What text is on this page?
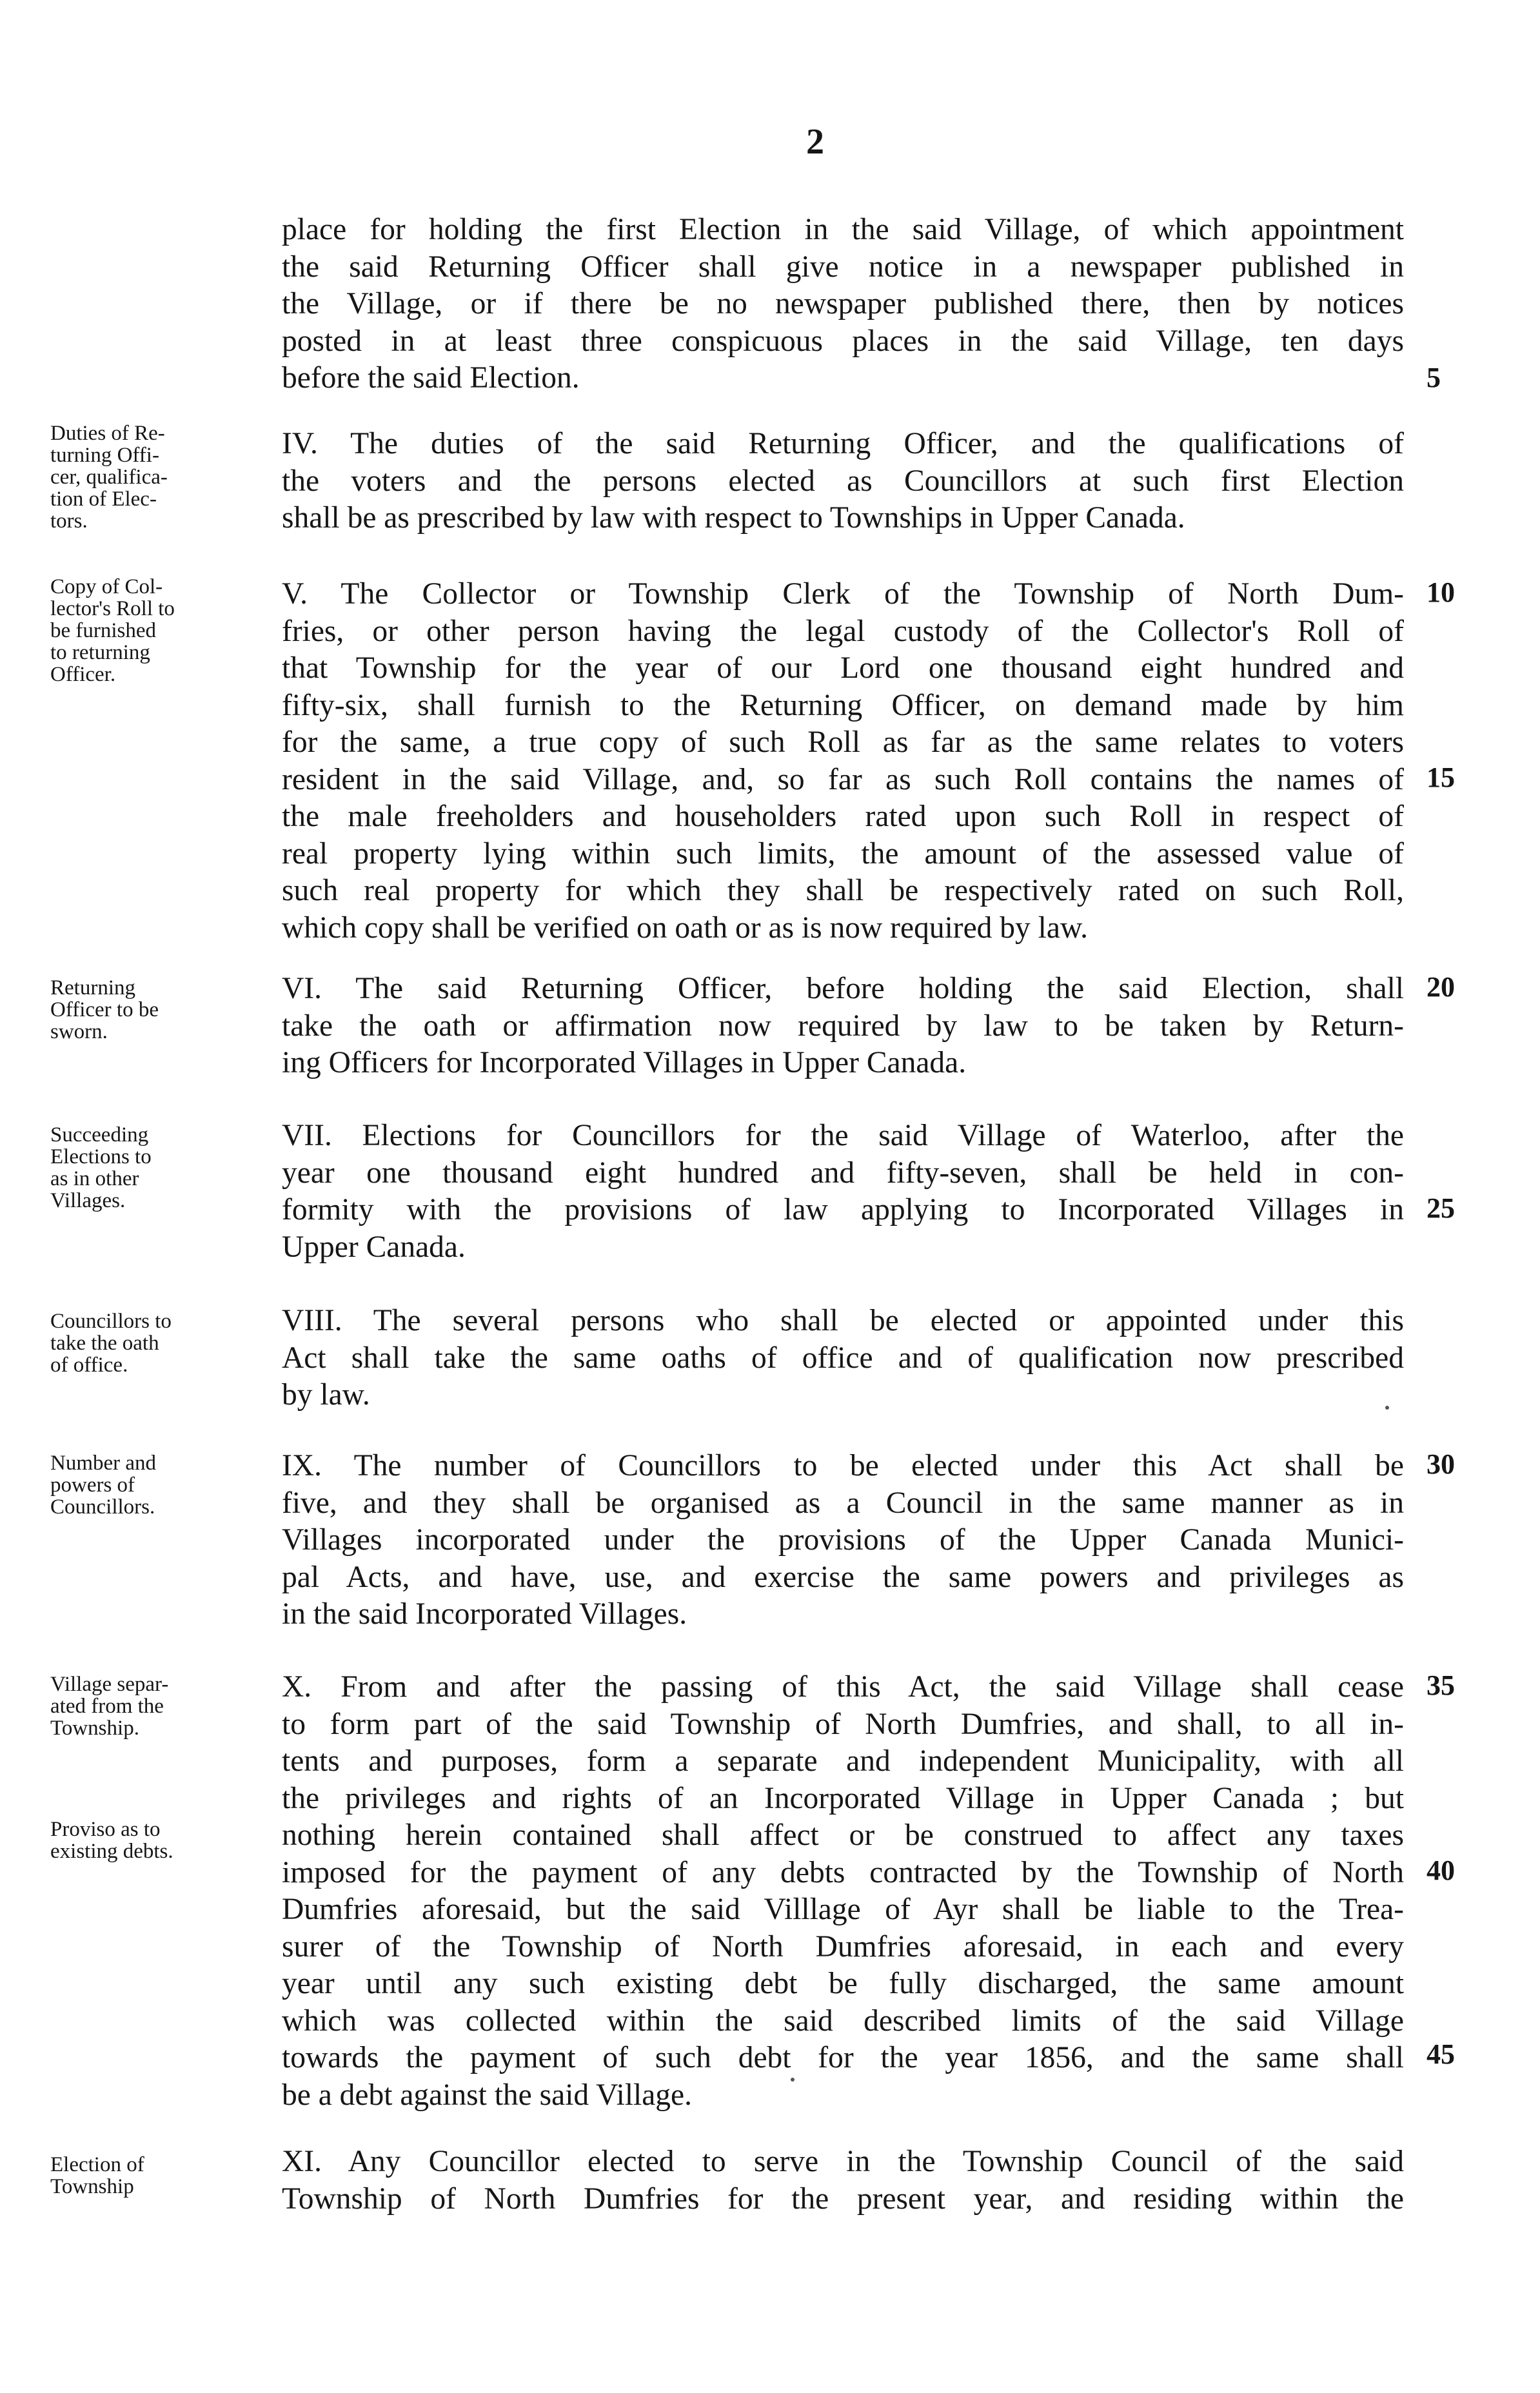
2
place for holding the first Election in the said Village, of which appointment
the said Returning Officer shall give notice in a newspaper published in
the Village, or if there be no newspaper published there, then by notices
posted in at least three conspicuous places in the said Village, ten days
before the said Election.
IV. The duties of the said Returning Officer, and the qualifications of
the voters and the persons elected as Councillors at such first Election
shall be as prescribed by law with respect to Townships in Upper Canada.
V. The Collector or Township Clerk of the Township of North Dum-
fries, or other person having the legal custody of the Collector's Roll of
that Township for the year of our Lord one thousand eight hundred and
fifty-six, shall furnish to the Returning Officer, on demand made by him
for the same, a true copy of such Roll as far as the same relates to voters
resident in the said Village, and, so far as such Roll contains the names of
the male freeholders and householders rated upon such Roll in respect of
real property lying within such limits, the amount of the assessed value of
such real property for which they shall be respectively rated on such Roll,
which copy shall be verified on oath or as is now required by law.
VI. The said Returning Officer, before holding the said Election, shall
take the oath or affirmation now required by law to be taken by Return-
ing Officers for Incorporated Villages in Upper Canada.
VII. Elections for Councillors for the said Village of Waterloo, after the
year one thousand eight hundred and fifty-seven, shall be held in con-
formity with the provisions of law applying to Incorporated Villages in
Upper Canada.
VIII. The several persons who shall be elected or appointed under this
Act shall take the same oaths of office and of qualification now prescribed
by law.
IX. The number of Councillors to be elected under this Act shall be
five, and they shall be organised as a Council in the same manner as in
Villages incorporated under the provisions of the Upper Canada Munici-
pal Acts, and have, use, and exercise the same powers and privileges as
in the said Incorporated Villages.
X. From and after the passing of this Act, the said Village shall cease
to form part of the said Township of North Dumfries, and shall, to all in-
tents and purposes, form a separate and independent Municipality, with all
the privileges and rights of an Incorporated Village in Upper Canada ; but
nothing herein contained shall affect or be construed to affect any taxes
imposed for the payment of any debts contracted by the Township of North
Dumfries aforesaid, but the said Villlage of Ayr shall be liable to the Trea-
surer of the Township of North Dumfries aforesaid, in each and every
year until any such existing debt be fully discharged, the same amount
which was collected within the said described limits of the said Village
towards the payment of such debt for the year 1856, and the same shall
be a debt against the said Village.
XI. Any Councillor elected to serve in the Township Council of the said
Township of North Dumfries for the present year, and residing within the
Duties of Re-
turning Offi-
cer, qualifica-
tion of Elec-
tors.
Copy of Col-
lector's Roll to
be furnished
to returning
Officer.
Returning
Officer to be
sworn.
Succeeding
Elections to
as in other
Villages.
Councillors to
take the oath
of office.
Number and
powers of
Councillors.
Village separ-
ated from the
Township.
Proviso as to
existing debts.
Election of
Township
5
10
15
20
25
30
35
40
45
